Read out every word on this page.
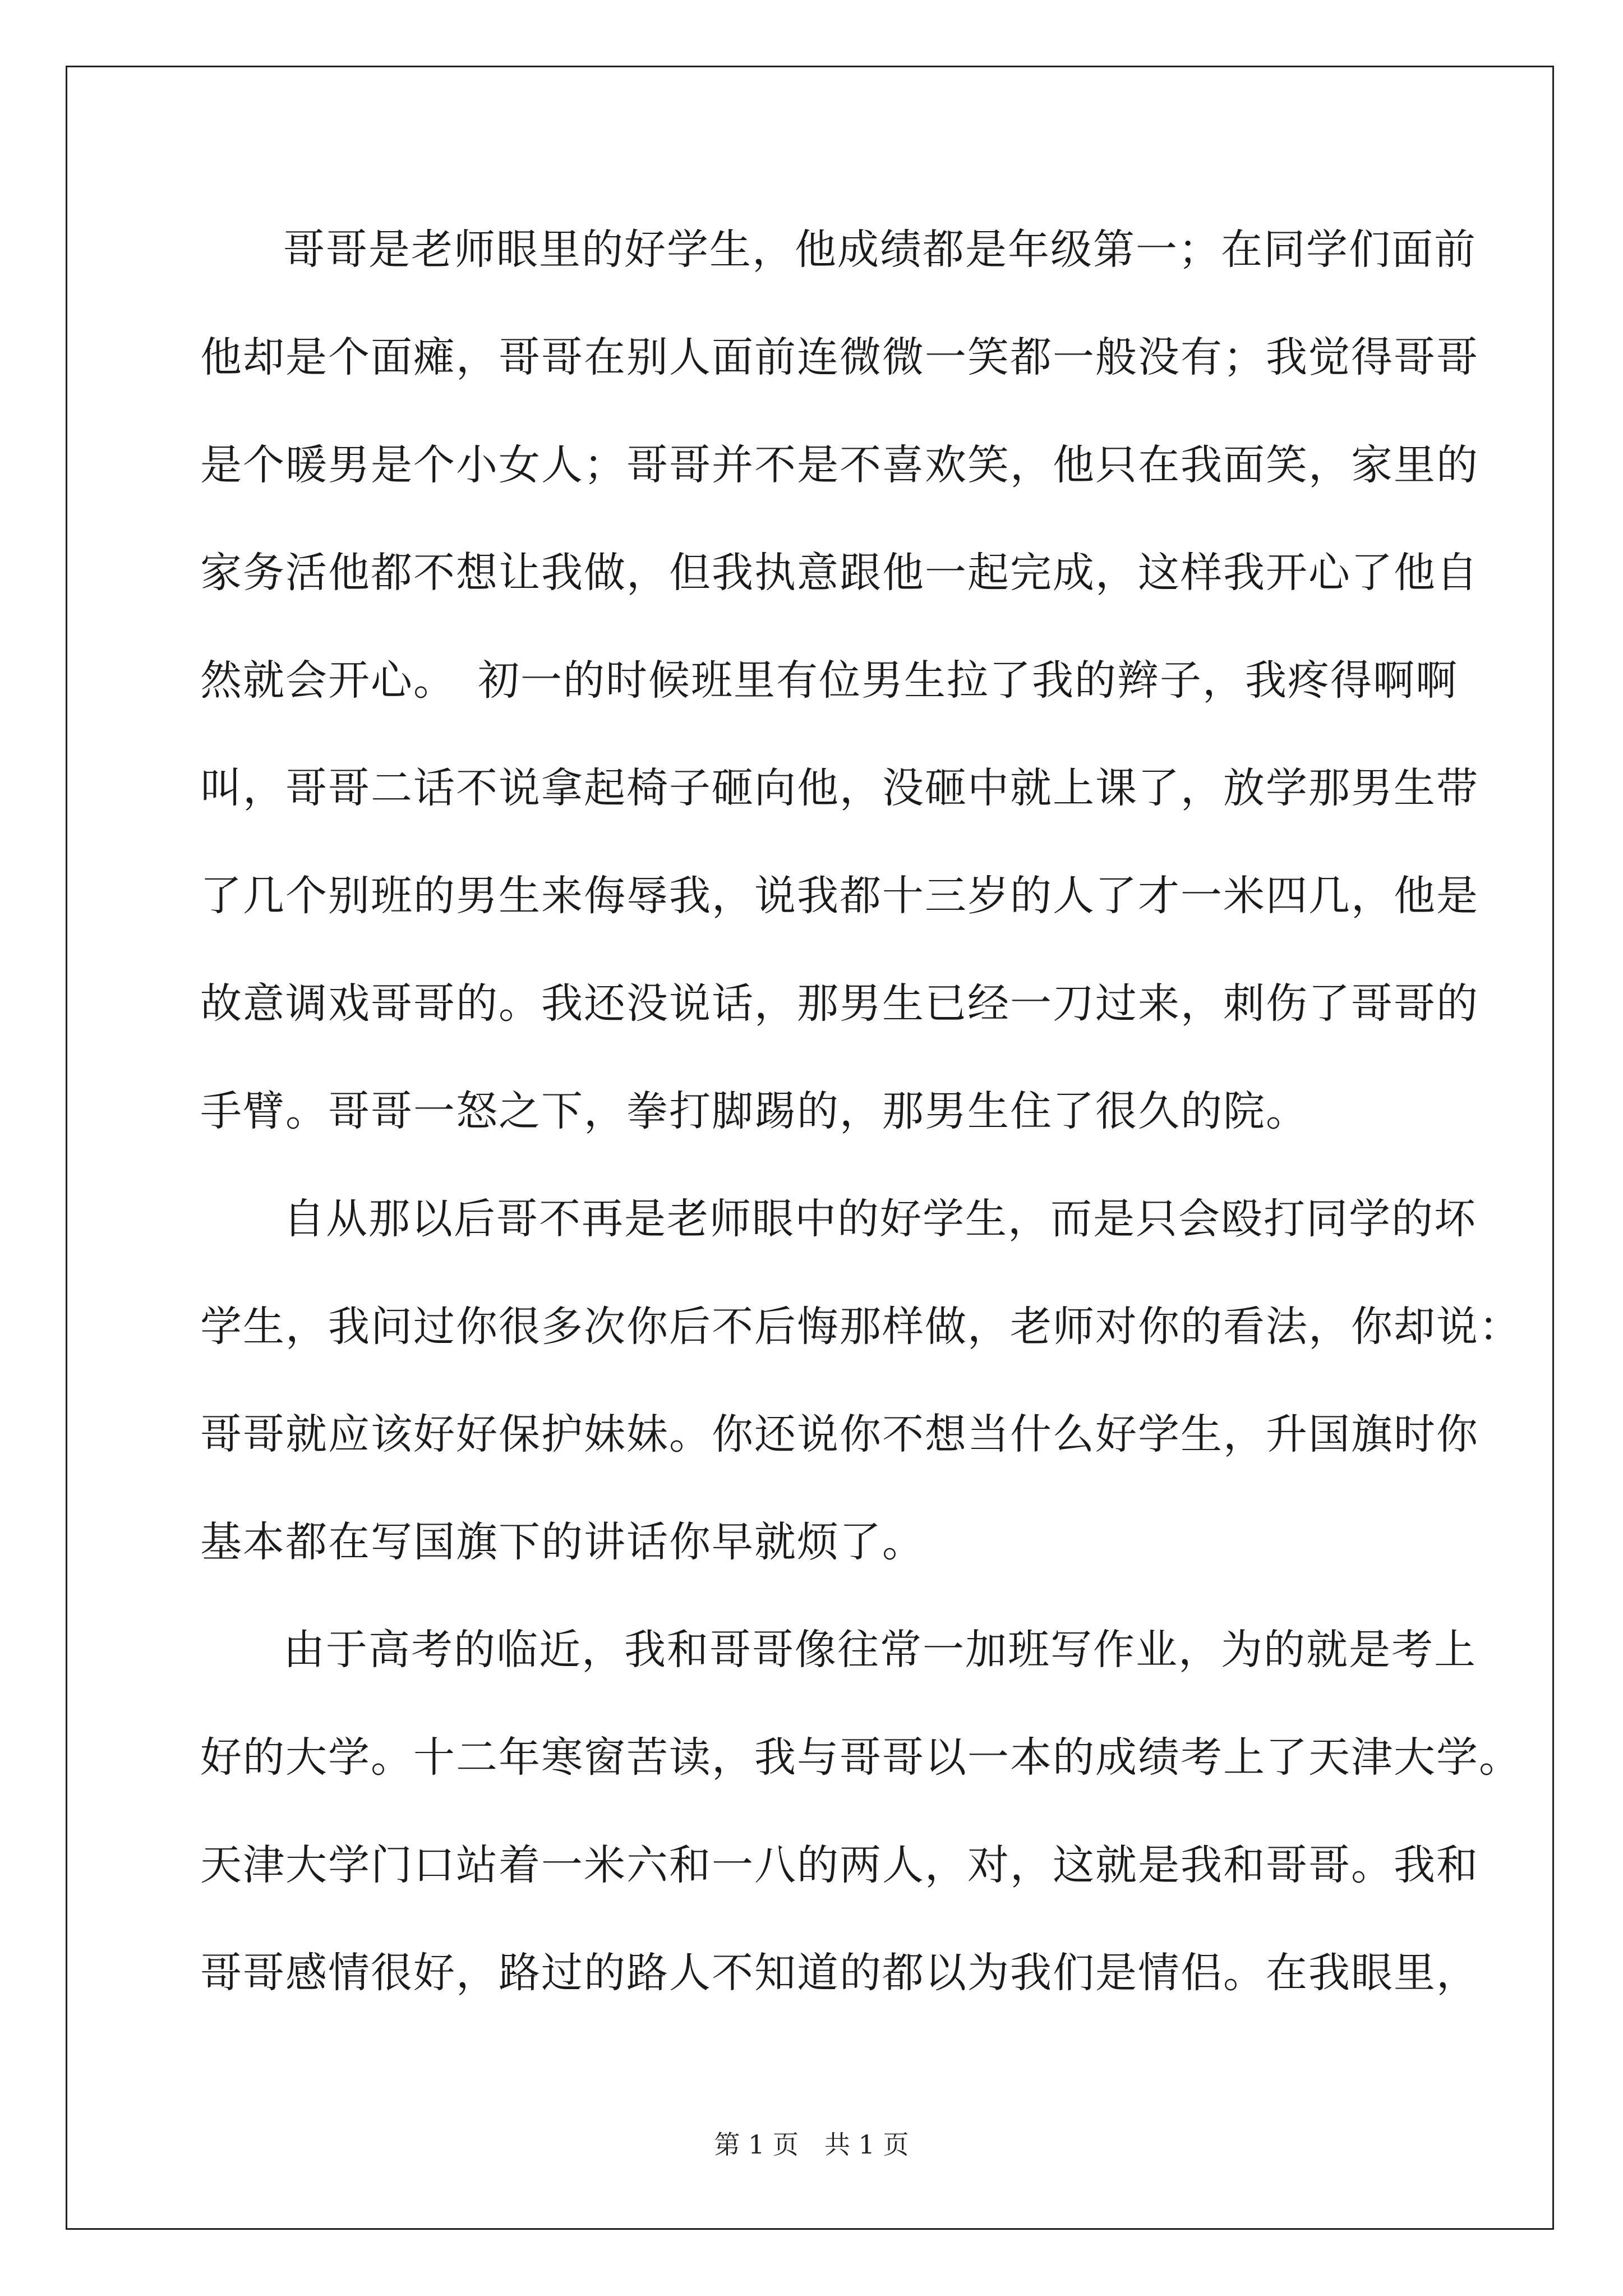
哥哥是老师眼里的好学生，他成绩都是年级第一；在同学们面前
他却是个面瘫，哥哥在别人面前连微微一笑都一般没有；我觉得哥哥
是个暖男是个小女人；哥哥并不是不喜欢笑，他只在我面笑，家里的
家务活他都不想让我做，但我执意跟他一起完成，这样我开心了他自
然就会开心。　初一的时候班里有位男生拉了我的辫子，我疼得啊啊
叫，哥哥二话不说拿起椅子砸向他，没砸中就上课了，放学那男生带
了几个别班的男生来侮辱我，说我都十三岁的人了才一米四几，他是
故意调戏哥哥的。我还没说话，那男生已经一刀过来，刺伤了哥哥的
手臂。哥哥一怒之下，拳打脚踢的，那男生住了很久的院。
自从那以后哥不再是老师眼中的好学生，而是只会殴打同学的坏
学生，我问过你很多次你后不后悔那样做，老师对你的看法，你却说：
哥哥就应该好好保护妹妹。你还说你不想当什么好学生，升国旗时你
基本都在写国旗下的讲话你早就烦了。
由于高考的临近，我和哥哥像往常一加班写作业，为的就是考上
好的大学。十二年寒窗苦读，我与哥哥以一本的成绩考上了天津大学。
天津大学门口站着一米六和一八的两人，对，这就是我和哥哥。我和
哥哥感情很好，路过的路人不知道的都以为我们是情侣。在我眼里，
第 1 页　共 1 页
